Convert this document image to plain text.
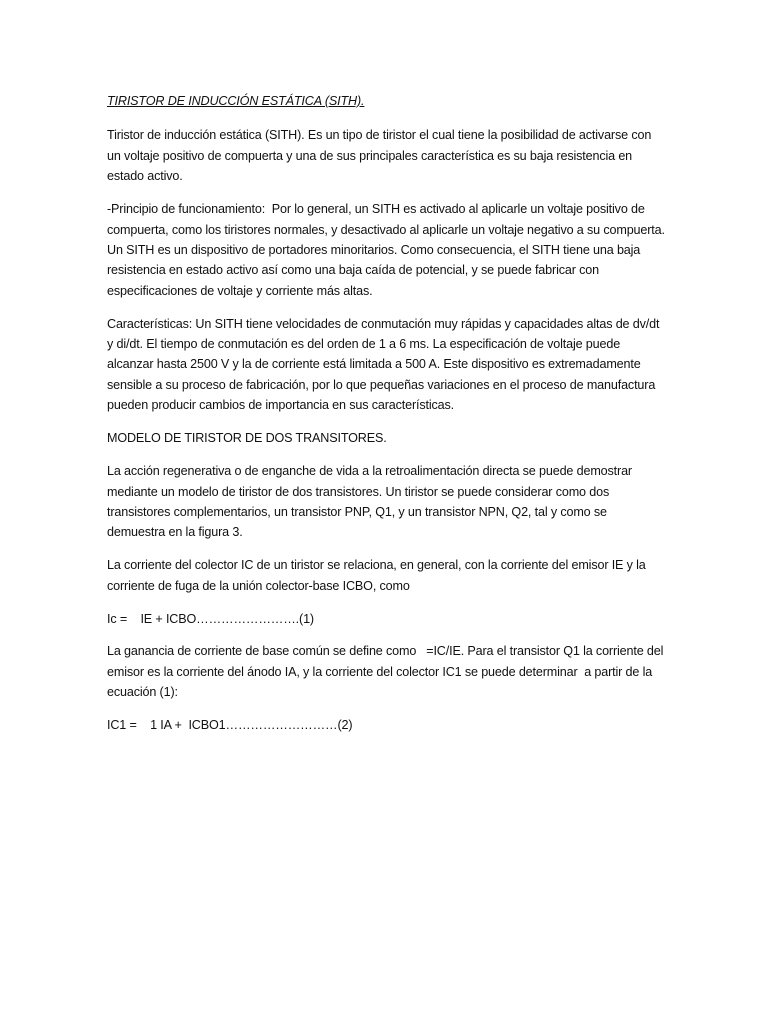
TIRISTOR DE INDUCCIÓN ESTÁTICA (SITH).

Tiristor de inducción estática (SITH). Es un tipo de tiristor el cual tiene la posibilidad de activarse con un voltaje positivo de compuerta y una de sus principales característica es su baja resistencia en estado activo.

-Principio de funcionamiento:  Por lo general, un SITH es activado al aplicarle un voltaje positivo de compuerta, como los tiristores normales, y desactivado al aplicarle un voltaje negativo a su compuerta. Un SITH es un dispositivo de portadores minoritarios. Como consecuencia, el SITH tiene una baja resistencia en estado activo así como una baja caída de potencial, y se puede fabricar con especificaciones de voltaje y corriente más altas.

Características: Un SITH tiene velocidades de conmutación muy rápidas y capacidades altas de dv/dt y di/dt. El tiempo de conmutación es del orden de 1 a 6 ms. La especificación de voltaje puede alcanzar hasta 2500 V y la de corriente está limitada a 500 A. Este dispositivo es extremadamente sensible a su proceso de fabricación, por lo que pequeñas variaciones en el proceso de manufactura pueden producir cambios de importancia en sus características.

MODELO DE TIRISTOR DE DOS TRANSITORES.

La acción regenerativa o de enganche de vida a la retroalimentación directa se puede demostrar mediante un modelo de tiristor de dos transistores. Un tiristor se puede considerar como dos transistores complementarios, un transistor PNP, Q1, y un transistor NPN, Q2, tal y como se demuestra en la figura 3.

La corriente del colector IC de un tiristor se relaciona, en general, con la corriente del emisor IE y la corriente de fuga de la unión colector-base ICBO, como

Ic =    IE + ICBO…………………….(1)

La ganancia de corriente de base común se define como   =IC/IE. Para el transistor Q1 la corriente del emisor es la corriente del ánodo IA, y la corriente del colector IC1 se puede determinar  a partir de la ecuación (1):

IC1 =    1 IA +  ICBO1………………………(2)
